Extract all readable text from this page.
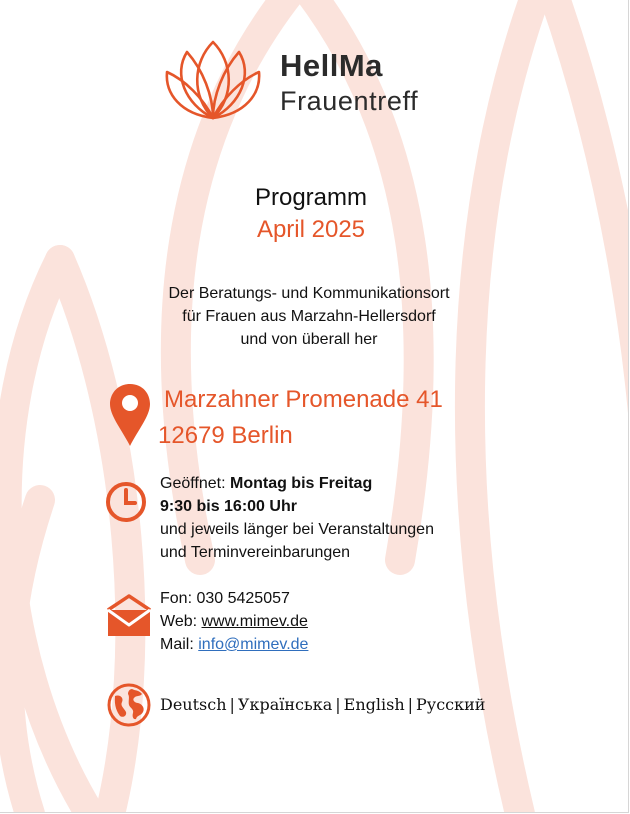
HellMa
Frauentreff
Programm
April 2025
Der Beratungs- und Kommunikationsort
für Frauen aus Marzahn-Hellersdorf
und von überall her
Marzahner Promenade 41
12679 Berlin
Geöffnet: Montag bis Freitag
9:30 bis 16:00 Uhr
und jeweils länger bei Veranstaltungen
und Terminvereinbarungen
Fon: 030 5425057
Web: www.mimev.de
Mail: info@mimev.de
Deutsch | Українська | English | Русский
